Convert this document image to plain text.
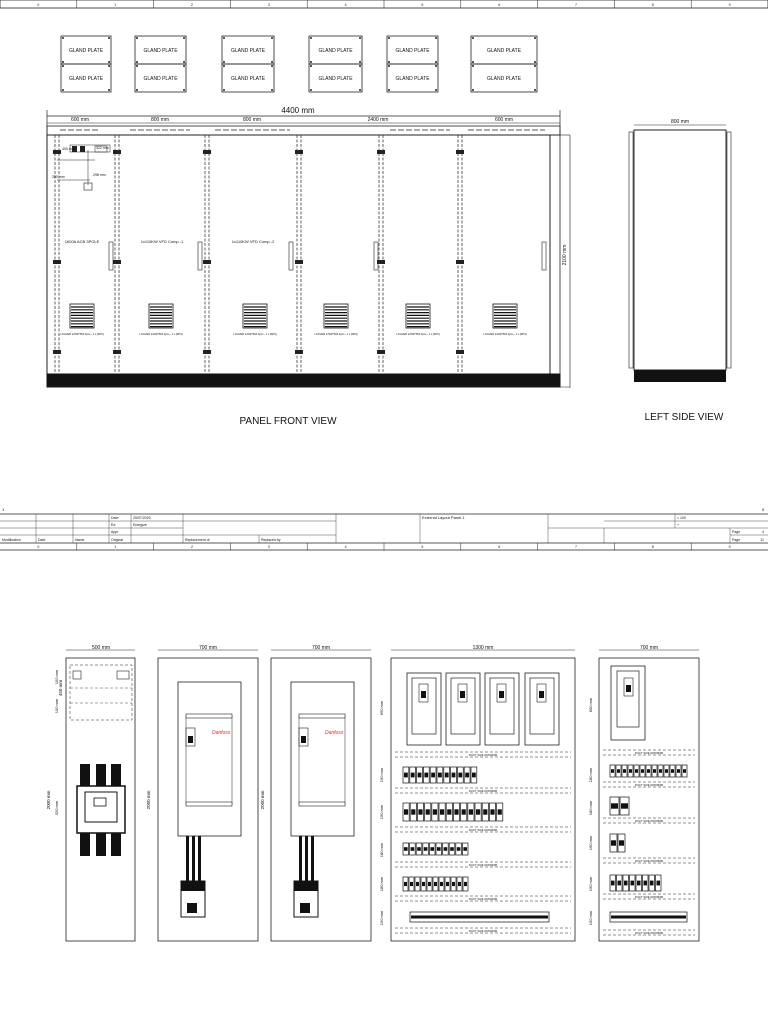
0	1	2	3	4	5	6	7	8	9
GLAND PLATE
GLAND PLATE
GLAND PLATE
GLAND PLATE
GLAND PLATE
GLAND PLATE
GLAND PLATE
GLAND PLATE
GLAND PLATE
GLAND PLATE
GLAND PLATE
GLAND PLATE
4400 mm
600 mm	800 mm	800 mm	2400 mm	600 mm
2100 mm
400 mm	312 mm
250 mm	298 mm
1600A ACB 3POLE	1x110KW VFD Comp.-1	1x110KW VFD Comp.-2
LOUVER 1x500*500 3pcs - 1 L [SPS]	LOUVER 1x500*500 3pcs - 1 L [SPS]	LOUVER 1x500*500 3pcs - 1 L [SPS]	LOUVER 1x500*500 3pcs - 1 L [SPS]	LOUVER 1x500*500 3pcs - 1 L [SPS]	LOUVER 1x500*500 3pcs - 1 L [SPS]
PANEL FRONT VIEW
800 mm
LEFT SIDE VIEW
1	5
Date	25/07/2025
Ed.	Energize
Appr
Modification	Date	Name	Original	Replacement of	Replaced by
External Layout Panel-1	= 100
+
Page	4
Page	11
0	1	2	3	4	5	6	7	8	9
500 mm
450 mm
150 mm
100 mm
320 mm
2000 mm
700 mm
Danfoss
2000 mm
700 mm
Danfoss
2000 mm
1300 mm
DUCT SIZE 60X60MM
DUCT SIZE 60X60MM
DUCT SIZE 60X60MM
DUCT SIZE 60X60MM
DUCT SIZE 60X60MM
DUCT SIZE 60X60MM
650 mm
190 mm
190 mm
180 mm
180 mm
150 mm
700 mm
DUCT SIZE 60X60MM
DUCT SIZE 60X60MM
DUCT SIZE 60X60MM
DUCT SIZE 60X60MM
DUCT SIZE 60X60MM
DUCT SIZE 60X60MM
800 mm
180 mm
180 mm
190 mm
190 mm
150 mm
